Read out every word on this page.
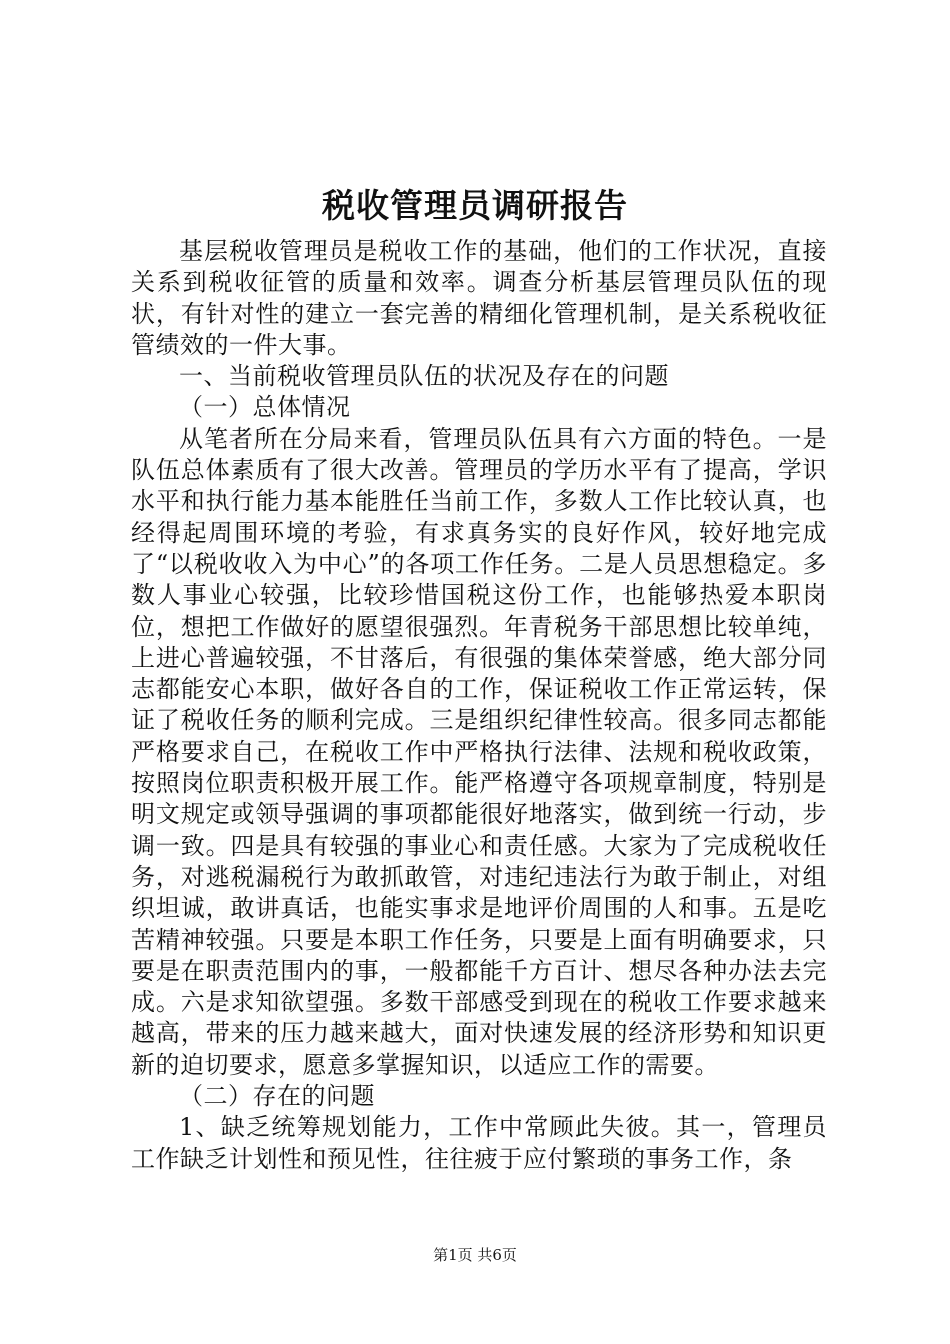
税收管理员调研报告

基层税收管理员是税收工作的基础，他们的工作状况，直接关系到税收征管的质量和效率。调查分析基层管理员队伍的现状，有针对性的建立一套完善的精细化管理机制，是关系税收征管绩效的一件大事。

一、当前税收管理员队伍的状况及存在的问题

（一）总体情况

从笔者所在分局来看，管理员队伍具有六方面的特色。一是队伍总体素质有了很大改善。管理员的学历水平有了提高，学识水平和执行能力基本能胜任当前工作，多数人工作比较认真，也经得起周围环境的考验，有求真务实的良好作风，较好地完成了“以税收收入为中心”的各项工作任务。二是人员思想稳定。多数人事业心较强，比较珍惜国税这份工作，也能够热爱本职岗位，想把工作做好的愿望很强烈。年青税务干部思想比较单纯，上进心普遍较强，不甘落后，有很强的集体荣誉感，绝大部分同志都能安心本职，做好各自的工作，保证税收工作正常运转，保证了税收任务的顺利完成。三是组织纪律性较高。很多同志都能严格要求自己，在税收工作中严格执行法律、法规和税收政策，按照岗位职责积极开展工作。能严格遵守各项规章制度，特别是明文规定或领导强调的事项都能很好地落实，做到统一行动，步调一致。四是具有较强的事业心和责任感。大家为了完成税收任务，对逃税漏税行为敢抓敢管，对违纪违法行为敢于制止，对组织坦诚，敢讲真话，也能实事求是地评价周围的人和事。五是吃苦精神较强。只要是本职工作任务，只要是上面有明确要求，只要是在职责范围内的事，一般都能千方百计、想尽各种办法去完成。六是求知欲望强。多数干部感受到现在的税收工作要求越来越高，带来的压力越来越大，面对快速发展的经济形势和知识更新的迫切要求，愿意多掌握知识，以适应工作的需要。

（二）存在的问题

1、缺乏统筹规划能力，工作中常顾此失彼。其一，管理员工作缺乏计划性和预见性，往往疲于应付繁琐的事务工作，条

第1页 共6页
